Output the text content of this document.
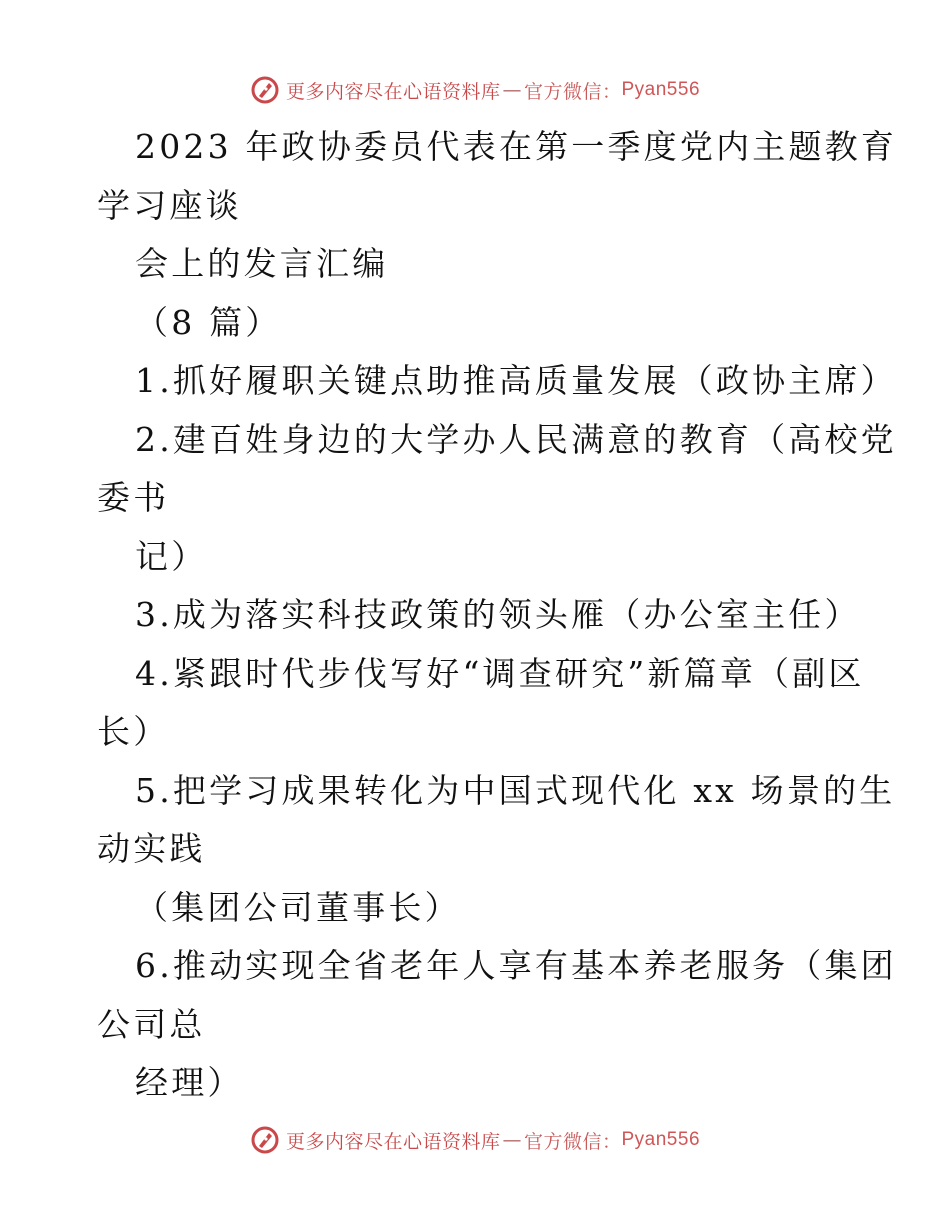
更多内容尽在心语资料库 — 官方微信： Pyan556
2023 年政协委员代表在第一季度党内主题教育
学习座谈
会上的发言汇编
（8 篇）
1.抓好履职关键点助推高质量发展（政协主席）
2.建百姓身边的大学办人民满意的教育（高校党
委书
记）
3.成为落实科技政策的领头雁（办公室主任）
4.紧跟时代步伐写好“调查研究”新篇章（副区
长）
5.把学习成果转化为中国式现代化 xx 场景的生
动实践
（集团公司董事长）
6.推动实现全省老年人享有基本养老服务（集团
公司总
经理）
更多内容尽在心语资料库 — 官方微信： Pyan556
